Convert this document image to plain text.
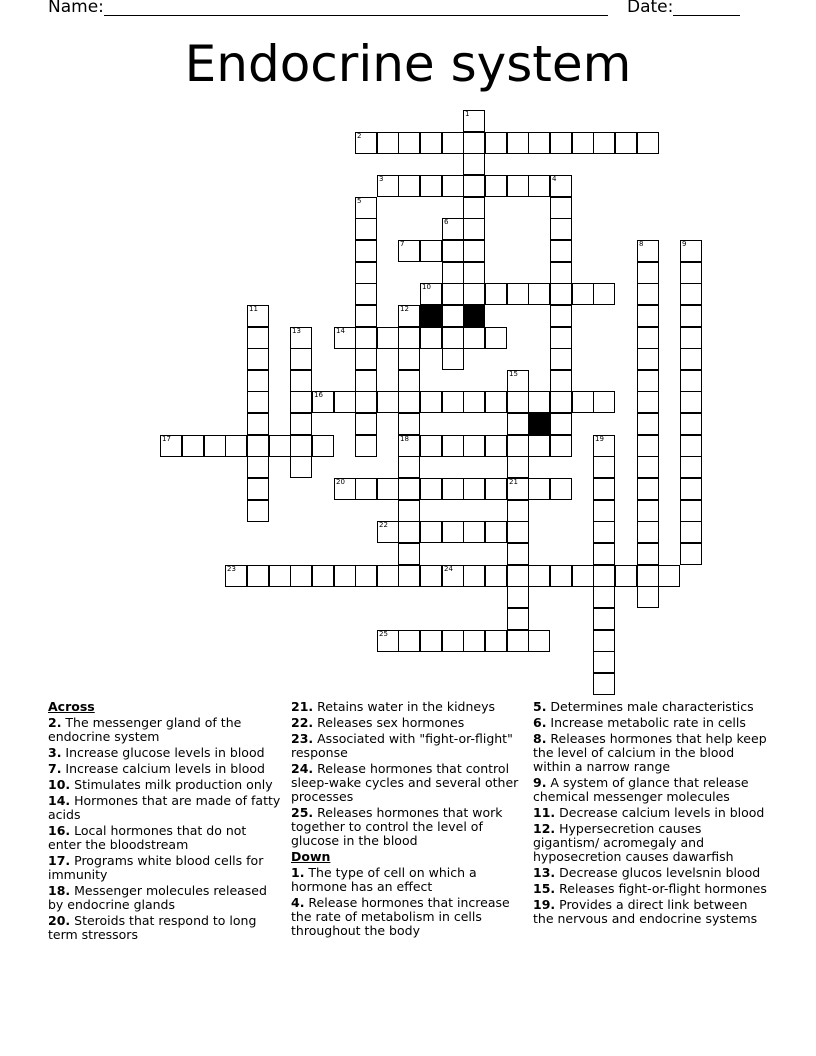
Name:	Date:
Endocrine system
1
2
3	4
5
6
7	8	9
10
11	12
18
13	14
15
21
16
17	19
20
22
23	24
25
Across
2. The messenger gland of the endocrine system
3. Increase glucose levels in blood
7. Increase calcium levels in blood
10. Stimulates milk production only
14. Hormones that are made of fatty acids
16. Local hormones that do not enter the bloodstream
17. Programs white blood cells for immunity
18. Messenger molecules released by endocrine glands
20. Steroids that respond to long term stressors
21. Retains water in the kidneys
22. Releases sex hormones
23. Associated with "fight-or-flight" response
24. Release hormones that control sleep-wake cycles and several other processes
25. Releases hormones that work together to control the level of glucose in the blood
Down
1. The type of cell on which a hormone has an effect
4. Release hormones that increase the rate of metabolism in cells throughout the body
5. Determines male characteristics
6. Increase metabolic rate in cells
8. Releases hormones that help keep the level of calcium in the blood within a narrow range
9. A system of glance that release chemical messenger molecules
11. Decrease calcium levels in blood
12. Hypersecretion causes gigantism/ acromegaly and hyposecretion causes dawarfish
13. Decrease glucos levelsnin blood
15. Releases fight-or-flight hormones
19. Provides a direct link between the nervous and endocrine systems
